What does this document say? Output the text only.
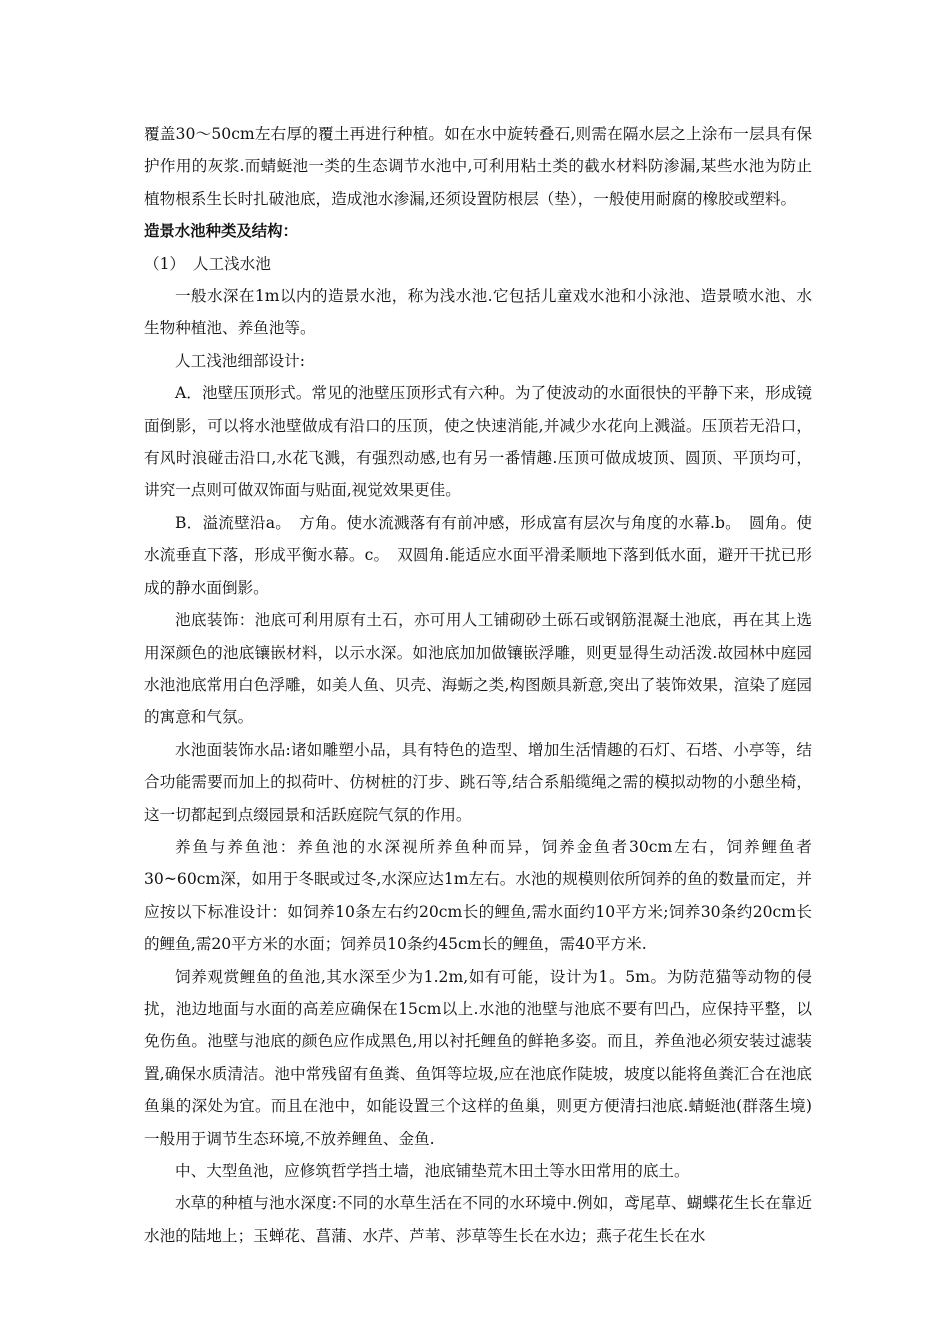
覆盖30～50cm左右厚的覆土再进行种植。如在水中旋转叠石,则需在隔水层之上涂布一层具有保护作用的灰浆.而蜻蜓池一类的生态调节水池中,可利用粘土类的截水材料防渗漏,某些水池为防止植物根系生长时扎破池底，造成池水渗漏,还须设置防根层（垫），一般使用耐腐的橡胶或塑料。

造景水池种类及结构：

（1）　人工浅水池

一般水深在1m以内的造景水池，称为浅水池.它包括儿童戏水池和小泳池、造景喷水池、水生物种植池、养鱼池等。

人工浅池细部设计:

A．池壁压顶形式。常见的池壁压顶形式有六种。为了使波动的水面很快的平静下来，形成镜面倒影，可以将水池壁做成有沿口的压顶，使之快速消能,并减少水花向上溅溢。压顶若无沿口，有风时浪碰击沿口,水花飞溅，有强烈动感,也有另一番情趣.压顶可做成坡顶、圆顶、平顶均可，讲究一点则可做双饰面与贴面,视觉效果更佳。

B．溢流壁沿a。　方角。使水流溅落有有前冲感，形成富有层次与角度的水幕.b。　圆角。使水流垂直下落，形成平衡水幕。c。　双圆角.能适应水面平滑柔顺地下落到低水面，避开干扰已形成的静水面倒影。

池底装饰：池底可利用原有土石，亦可用人工铺砌砂土砾石或钢筋混凝土池底，再在其上选用深颜色的池底镶嵌材料，以示水深。如池底加加做镶嵌浮雕，则更显得生动活泼.故园林中庭园水池池底常用白色浮雕，如美人鱼、贝壳、海蛎之类,构图颇具新意,突出了装饰效果，渲染了庭园的寓意和气氛。

水池面装饰水品:诸如雕塑小品，具有特色的造型、增加生活情趣的石灯、石塔、小亭等，结合功能需要而加上的拟荷叶、仿树桩的汀步、跳石等,结合系船缆绳之需的模拟动物的小憩坐椅，这一切都起到点缀园景和活跃庭院气氛的作用。

养鱼与养鱼池：养鱼池的水深视所养鱼种而异，饲养金鱼者30cm左右，饲养鲤鱼者30~60cm深，如用于冬眠或过冬,水深应达1m左右。水池的规模则依所饲养的鱼的数量而定，并应按以下标准设计：如饲养10条左右约20cm长的鲤鱼,需水面约10平方米;饲养30条约20cm长的鲤鱼,需20平方米的水面；饲养员10条约45cm长的鲤鱼，需40平方米.

饲养观赏鲤鱼的鱼池,其水深至少为1.2m,如有可能，设计为1。5m。为防范猫等动物的侵扰，池边地面与水面的高差应确保在15cm以上.水池的池壁与池底不要有凹凸，应保持平整，以免伤鱼。池壁与池底的颜色应作成黑色,用以衬托鲤鱼的鲜艳多姿。而且，养鱼池必须安装过滤装置,确保水质清洁。池中常残留有鱼粪、鱼饵等垃圾,应在池底作陡坡，坡度以能将鱼粪汇合在池底鱼巢的深处为宜。而且在池中，如能设置三个这样的鱼巢，则更方便清扫池底.蜻蜓池(群落生境)一般用于调节生态环境,不放养鲤鱼、金鱼.

中、大型鱼池，应修筑哲学挡土墙，池底铺垫荒木田土等水田常用的底土。

水草的种植与池水深度:不同的水草生活在不同的水环境中.例如，鸢尾草、蝴蝶花生长在靠近水池的陆地上；玉蝉花、菖蒲、水芹、芦苇、莎草等生长在水边；燕子花生长在水
